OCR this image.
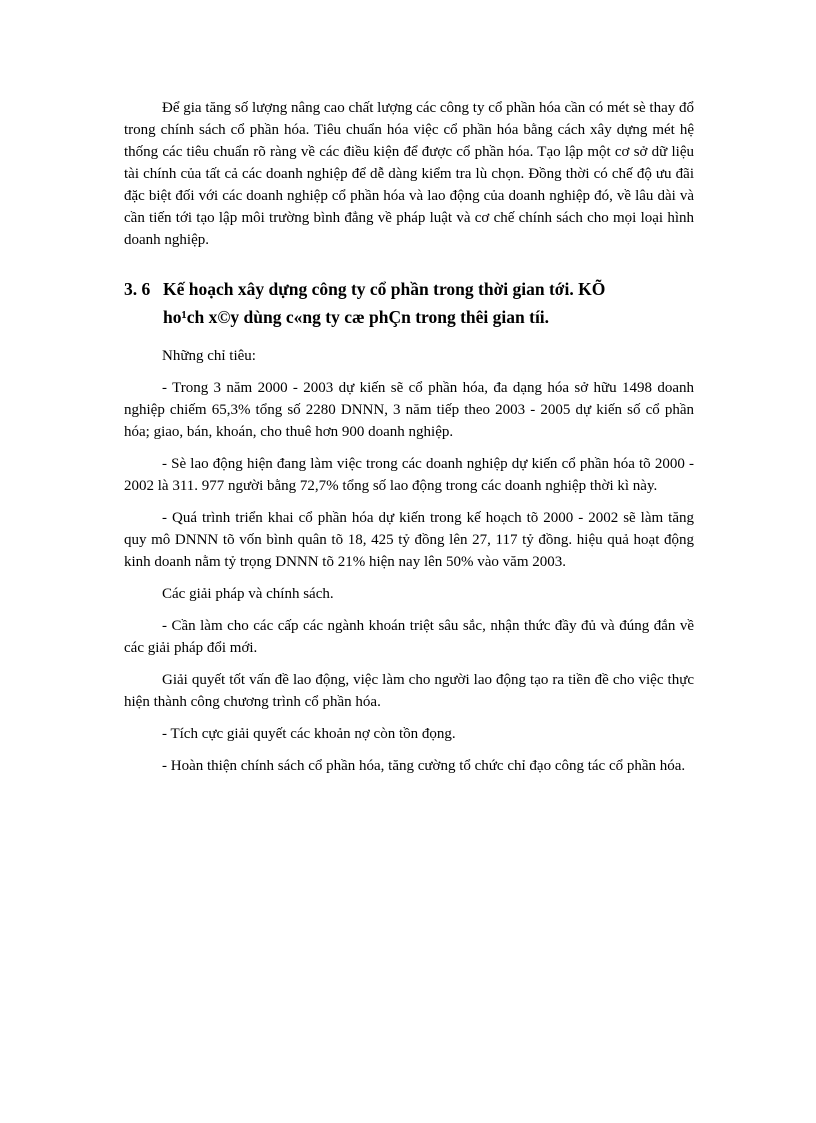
Để gia tăng số lượng nâng cao chất lượng các công ty cổ phần hóa cần có mét sè thay đổ trong chính sách cổ phần hóa. Tiêu chuẩn hóa việc cổ phần hóa bằng cách xây dựng mét hệ thống các tiêu chuẩn rõ ràng về các điều kiện để được cổ phần hóa. Tạo lập một cơ sở dữ liệu tài chính của tất cả các doanh nghiệp để dễ dàng kiểm tra lù chọn. Đồng thời có chế độ ưu đãi đặc biệt đối với các doanh nghiệp cổ phần hóa và lao động của doanh nghiệp đó, về lâu dài và cần tiến tới tạo lập môi trường bình đẳng về pháp luật và cơ chế chính sách cho mọi loại hình doanh nghiệp.

3. 6 Kế hoạch xây dựng công ty cổ phần trong thời gian tới. KÕ
ho¹ch x©y dùng c«ng ty cæ phÇn trong thêi gian tíi.

Những chỉ tiêu:

- Trong 3 năm 2000 - 2003 dự kiến sẽ cổ phần hóa, đa dạng hóa sở hữu 1498 doanh nghiệp chiếm 65,3% tổng số 2280 DNNN, 3 năm tiếp theo 2003 - 2005 dự kiến số cổ phần hóa; giao, bán, khoán, cho thuê hơn 900 doanh nghiệp.

- Sè lao động hiện đang làm việc trong các doanh nghiệp dự kiến cổ phần hóa tõ 2000 - 2002 là 311. 977 người bằng 72,7% tổng số lao động trong các doanh nghiệp thời kì này.

- Quá trình triển khai cổ phần hóa dự kiến trong kế hoạch tõ 2000 - 2002 sẽ làm tăng quy mô DNNN tõ vốn bình quân tõ 18, 425 tỷ đồng lên 27, 117 tỷ đồng. hiệu quả hoạt động kinh doanh nằm tỷ trọng DNNN tõ 21% hiện nay lên 50% vào văm 2003.

Các giải pháp và chính sách.

- Cần làm cho các cấp các ngành khoán triệt sâu sắc, nhận thức đầy đủ và đúng đắn về các giải pháp đổi mới.

Giải quyết tốt vấn đề lao động, việc làm cho người lao động tạo ra tiền đề cho việc thực hiện thành công chương trình cổ phần hóa.

- Tích cực giải quyết các khoản nợ còn tồn đọng.

- Hoàn thiện chính sách cổ phần hóa, tăng cường tổ chức chỉ đạo công tác cổ phần hóa.
